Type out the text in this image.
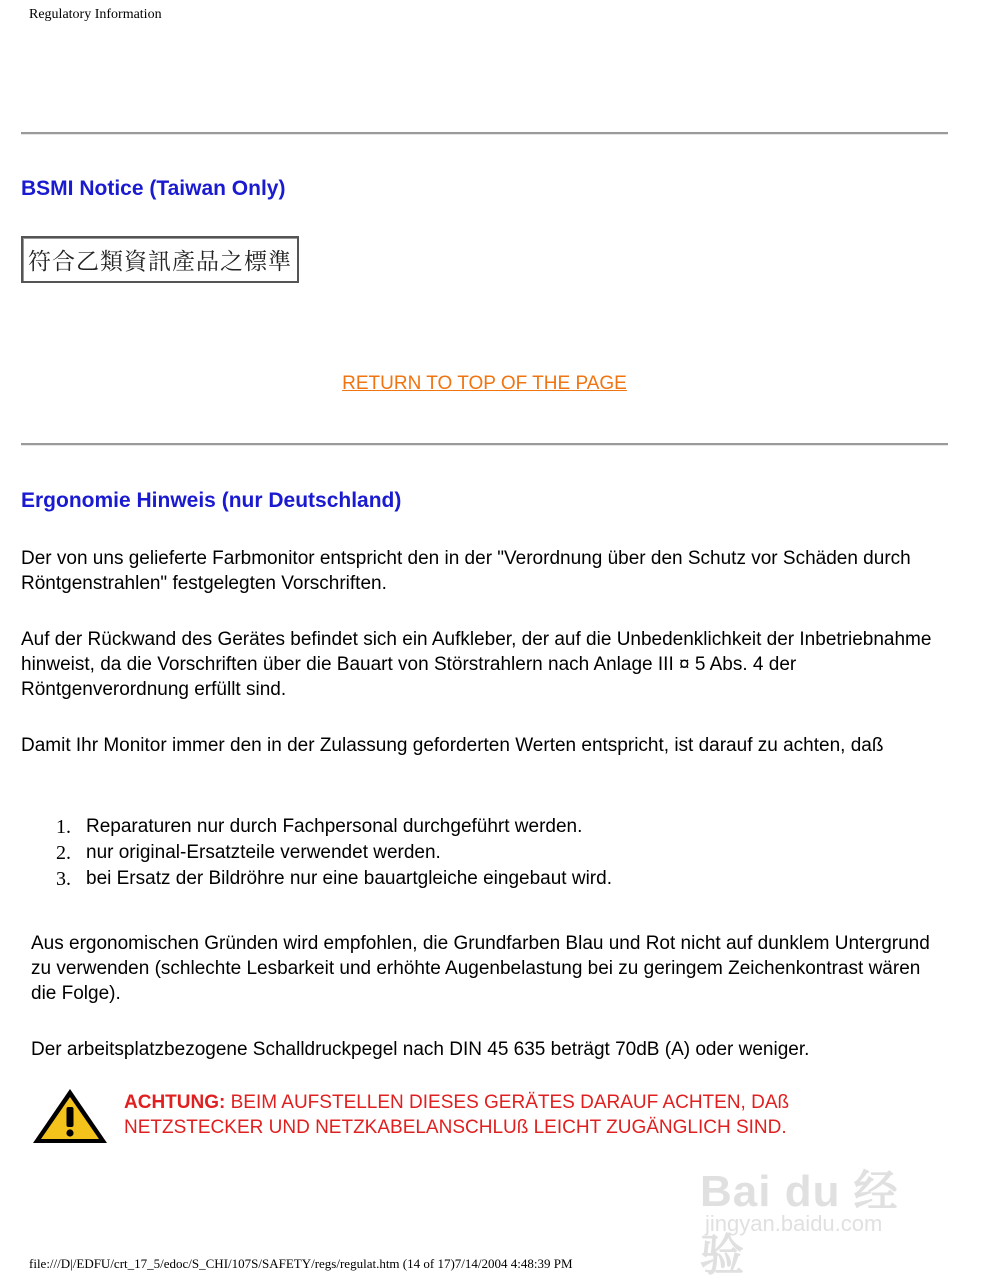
Regulatory Information
BSMI Notice (Taiwan Only)
符合乙類資訊產品之標準
RETURN TO TOP OF THE PAGE
Ergonomie Hinweis (nur Deutschland)

Der von uns gelieferte Farbmonitor entspricht den in der "Verordnung über den Schutz vor Schäden durch Röntgenstrahlen" festgelegten Vorschriften.

Auf der Rückwand des Gerätes befindet sich ein Aufkleber, der auf die Unbedenklichkeit der Inbetriebnahme hinweist, da die Vorschriften über die Bauart von Störstrahlern nach Anlage III ¤ 5 Abs. 4 der Röntgenverordnung erfüllt sind.

Damit Ihr Monitor immer den in der Zulassung geforderten Werten entspricht, ist darauf zu achten, daß

1. Reparaturen nur durch Fachpersonal durchgeführt werden.
2. nur original-Ersatzteile verwendet werden.
3. bei Ersatz der Bildröhre nur eine bauartgleiche eingebaut wird.

Aus ergonomischen Gründen wird empfohlen, die Grundfarben Blau und Rot nicht auf dunklem Untergrund zu verwenden (schlechte Lesbarkeit und erhöhte Augenbelastung bei zu geringem Zeichenkontrast wären die Folge).

Der arbeitsplatzbezogene Schalldruckpegel nach DIN 45 635 beträgt 70dB (A) oder weniger.

ACHTUNG: BEIM AUFSTELLEN DIESES GERÄTES DARAUF ACHTEN, DAß NETZSTECKER UND NETZKABELANSCHLUß LEICHT ZUGÄNGLICH SIND.
Bai du 经验
jingyan.baidu.com
file:///D|/EDFU/crt_17_5/edoc/S_CHI/107S/SAFETY/regs/regulat.htm (14 of 17)7/14/2004 4:48:39 PM
